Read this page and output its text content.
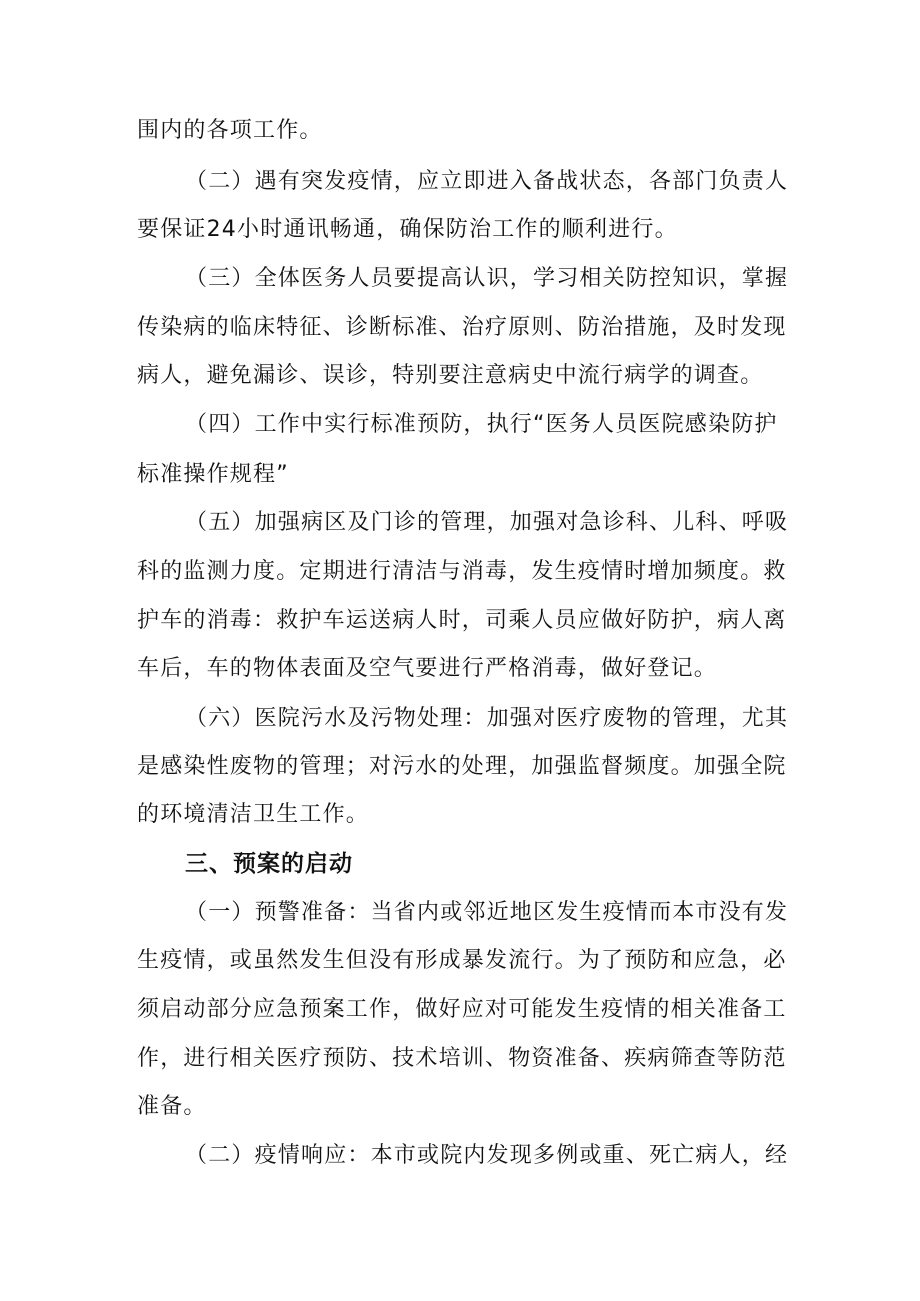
围内的各项工作。
（二）遇有突发疫情，应立即进入备战状态，各部门负责人
要保证24小时通讯畅通，确保防治工作的顺利进行。
（三）全体医务人员要提高认识，学习相关防控知识，掌握
传染病的临床特征、诊断标准、治疗原则、防治措施，及时发现
病人，避免漏诊、误诊，特别要注意病史中流行病学的调查。
（四）工作中实行标准预防，执行“医务人员医院感染防护
标准操作规程”
（五）加强病区及门诊的管理，加强对急诊科、儿科、呼吸
科的监测力度。定期进行清洁与消毒，发生疫情时增加频度。救
护车的消毒：救护车运送病人时，司乘人员应做好防护，病人离
车后，车的物体表面及空气要进行严格消毒，做好登记。
（六）医院污水及污物处理：加强对医疗废物的管理，尤其
是感染性废物的管理；对污水的处理，加强监督频度。加强全院
的环境清洁卫生工作。
三、预案的启动
（一）预警准备：当省内或邻近地区发生疫情而本市没有发
生疫情，或虽然发生但没有形成暴发流行。为了预防和应急，必
须启动部分应急预案工作，做好应对可能发生疫情的相关准备工
作，进行相关医疗预防、技术培训、物资准备、疾病筛查等防范
准备。
（二）疫情响应：本市或院内发现多例或重、死亡病人，经
